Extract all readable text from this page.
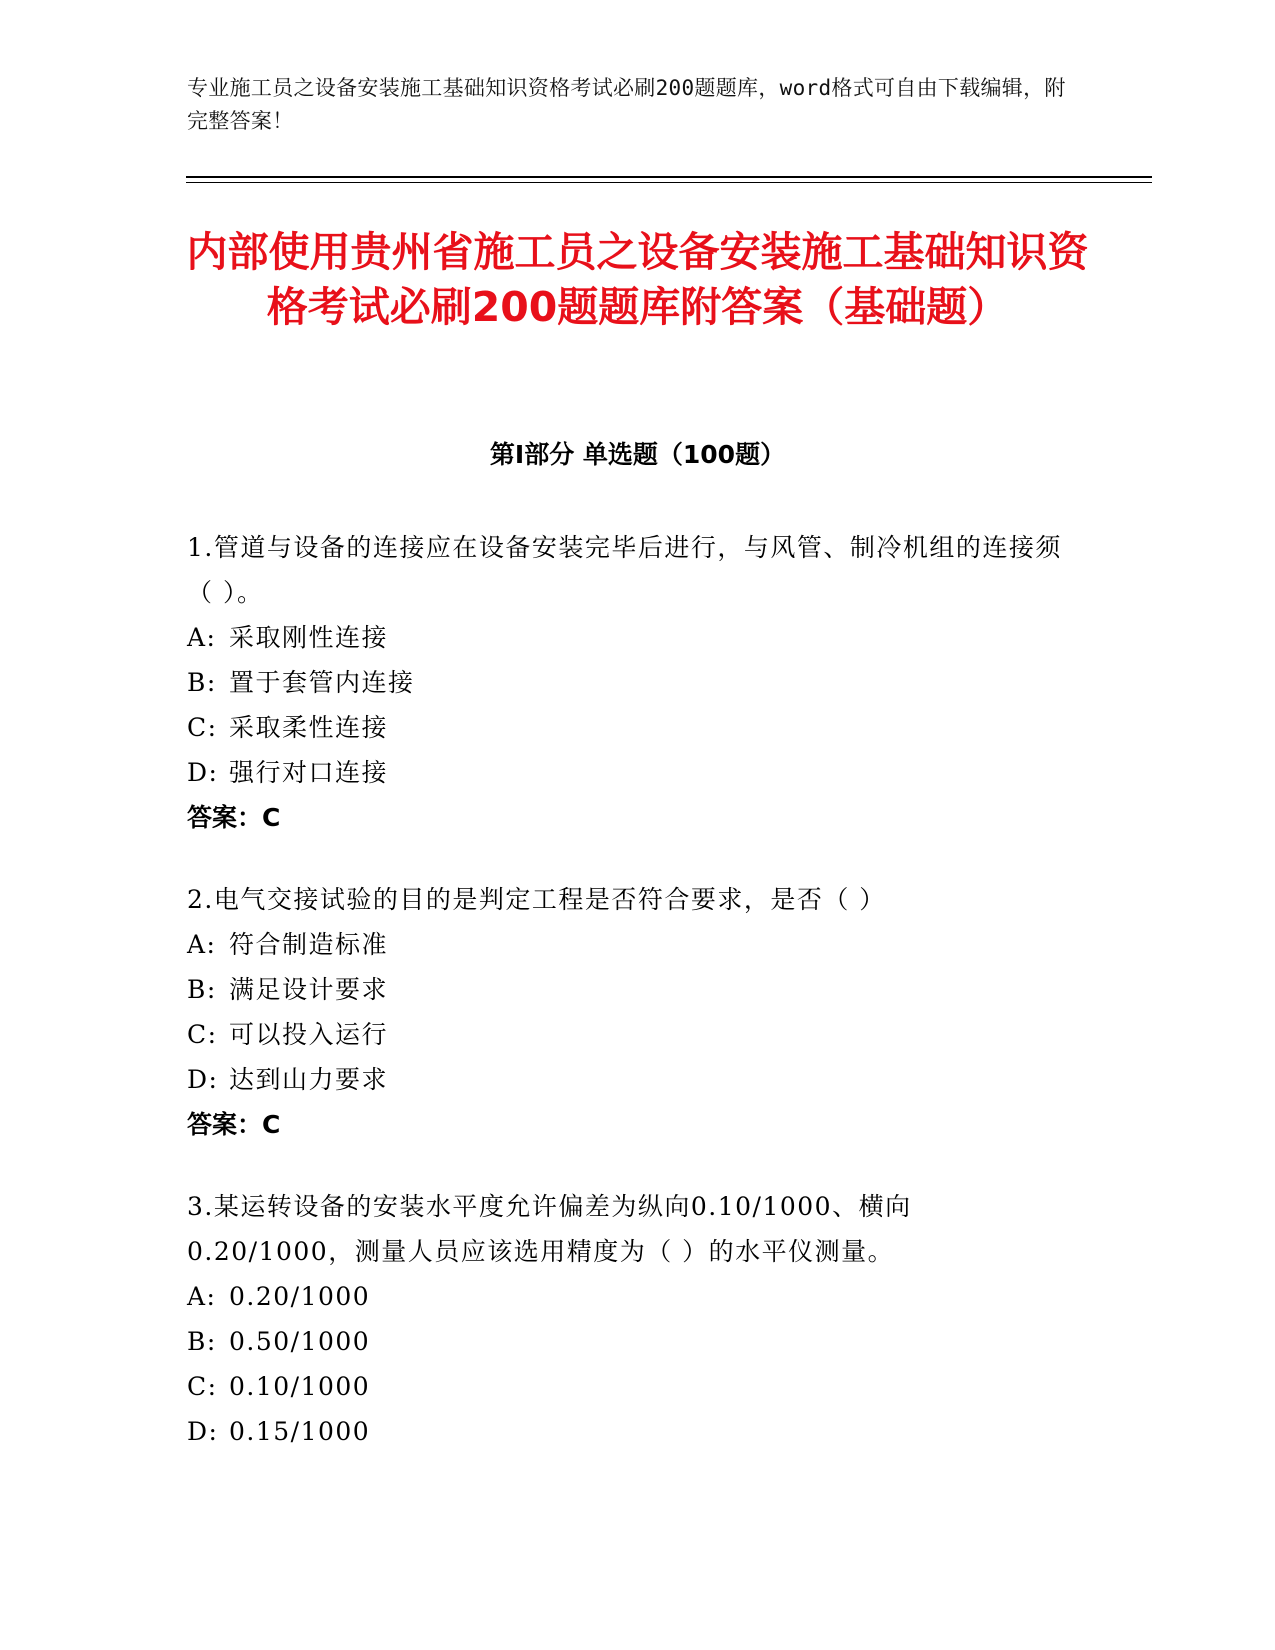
专业施工员之设备安装施工基础知识资格考试必刷200题题库，word格式可自由下载编辑，附完整答案！
内部使用贵州省施工员之设备安装施工基础知识资格考试必刷200题题库附答案（基础题）
第I部分 单选题（100题）
1.管道与设备的连接应在设备安装完毕后进行，与风管、制冷机组的连接须（ ）。
A: 采取刚性连接
B: 置于套管内连接
C: 采取柔性连接
D: 强行对口连接
答案：C
2.电气交接试验的目的是判定工程是否符合要求，是否（ ）
A: 符合制造标准
B: 满足设计要求
C: 可以投入运行
D: 达到山力要求
答案：C
3.某运转设备的安装水平度允许偏差为纵向0.10/1000、横向0.20/1000，测量人员应该选用精度为（ ）的水平仪测量。
A: 0.20/1000
B: 0.50/1000
C: 0.10/1000
D: 0.15/1000
